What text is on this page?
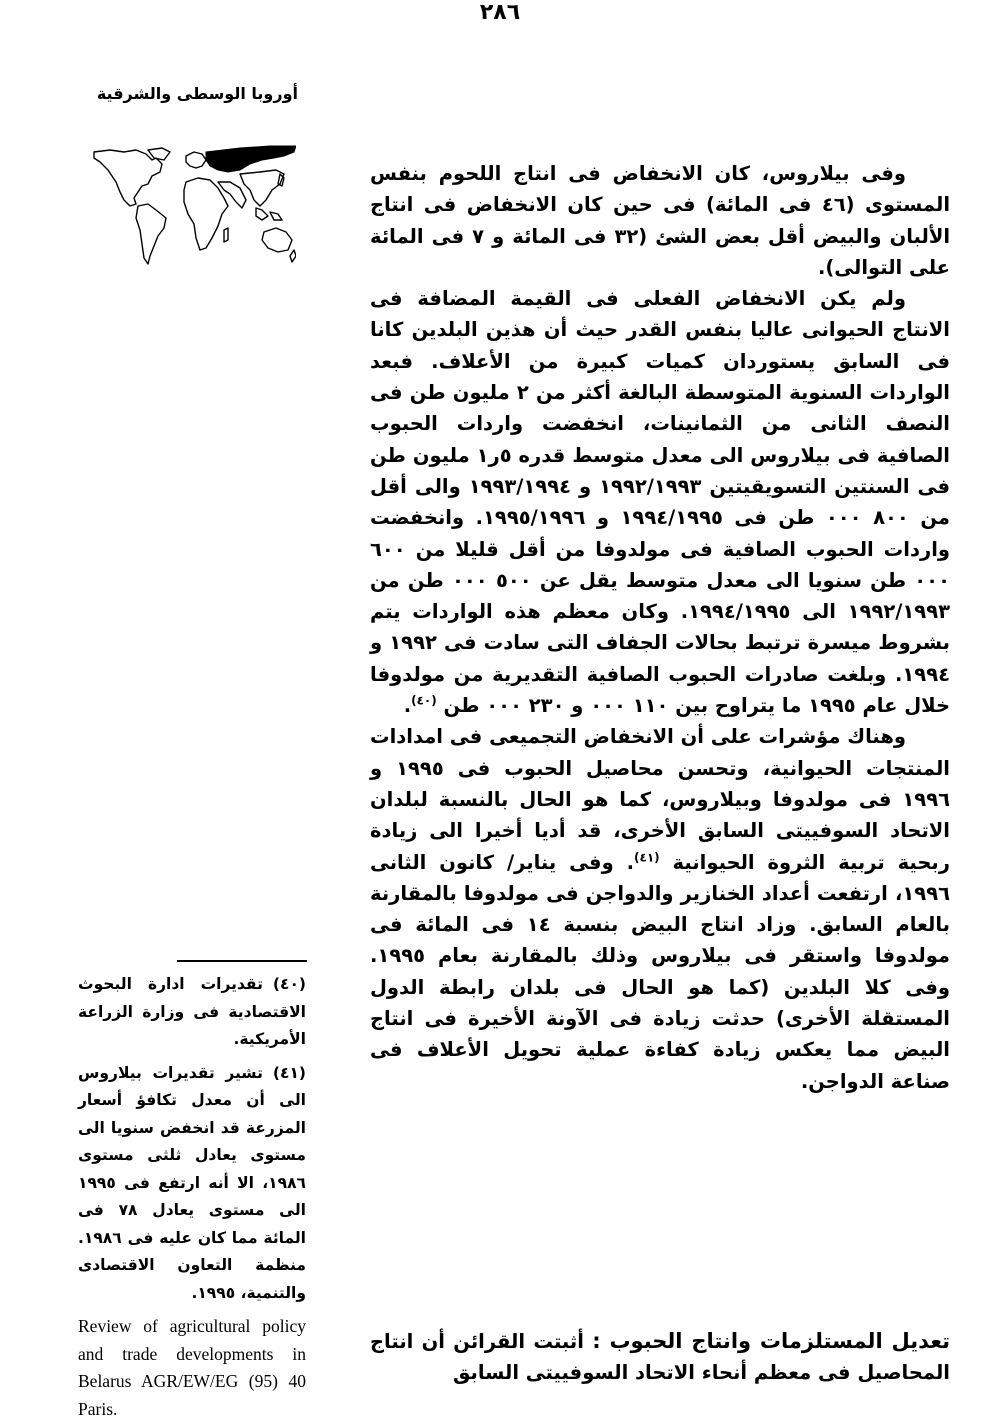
٢٨٦
أوروبا الوسطى والشرقية

وفى بيلاروس، كان الانخفاض فى انتاج اللحوم بنفس المستوى (٤٦ فى المائة) فى حين كان الانخفاض فى انتاج الألبان والبيض أقل بعض الشئ (٣٢ فى المائة و ٧ فى المائة على التوالى).

ولم يكن الانخفاض الفعلى فى القيمة المضافة فى الانتاج الحيوانى عاليا بنفس القدر حيث أن هذين البلدين كانا فى السابق يستوردان كميات كبيرة من الأعلاف. فبعد الواردات السنوية المتوسطة البالغة أكثر من ٢ مليون طن فى النصف الثانى من الثمانينات، انخفضت واردات الحبوب الصافية فى بيلاروس الى معدل متوسط قدره ٥ر١ مليون طن فى السنتين التسويقيتين ١٩٩٢/١٩٩٣ و ١٩٩٣/١٩٩٤ والى أقل من ٨٠٠ ٠٠٠ طن فى ١٩٩٤/١٩٩٥ و ١٩٩٥/١٩٩٦. وانخفضت واردات الحبوب الصافية فى مولدوفا من أقل قليلا من ٦٠٠ ٠٠٠ طن سنويا الى معدل متوسط يقل عن ٥٠٠ ٠٠٠ طن من ١٩٩٢/١٩٩٣ الى ١٩٩٤/١٩٩٥. وكان معظم هذه الواردات يتم بشروط ميسرة ترتبط بحالات الجفاف التى سادت فى ١٩٩٢ و ١٩٩٤. وبلغت صادرات الحبوب الصافية التقديرية من مولدوفا خلال عام ١٩٩٥ ما يتراوح بين ١١٠ ٠٠٠ و ٢٣٠ ٠٠٠ طن $^{(٤٠)}$.

وهناك مؤشرات على أن الانخفاض التجميعى فى امدادات المنتجات الحيوانية، وتحسن محاصيل الحبوب فى ١٩٩٥ و ١٩٩٦ فى مولدوفا وبيلاروس، كما هو الحال بالنسبة لبلدان الاتحاد السوفييتى السابق الأخرى، قد أديا أخيرا الى زيادة ربحية تربية الثروة الحيوانية $^{(٤١)}$. وفى يناير/ كانون الثانى ١٩٩٦، ارتفعت أعداد الخنازير والدواجن فى مولدوفا بالمقارنة بالعام السابق. وزاد انتاج البيض بنسبة ١٤ فى المائة فى مولدوفا واستقر فى بيلاروس وذلك بالمقارنة بعام ١٩٩٥. وفى كلا البلدين (كما هو الحال فى بلدان رابطة الدول المستقلة الأخرى) حدثت زيادة فى الآونة الأخيرة فى انتاج البيض مما يعكس زيادة كفاءة عملية تحويل الأعلاف فى صناعة الدواجن.

تعديل المستلزمات وانتاج الحبوب : أثبتت القرائن أن انتاج المحاصيل فى معظم أنحاء الاتحاد السوفييتى السابق

(٤٠)تقديرات ادارة البحوث الاقتصادية فى وزارة الزراعة الأمريكية.

(٤١)تشير تقديرات بيلاروس الى أن معدل تكافؤ أسعار المزرعة قد انخفض سنويا الى مستوى يعادل ثلثى مستوى ١٩٨٦، الا أنه ارتفع فى ١٩٩٥ الى مستوى يعادل ٧٨ فى المائة مما كان عليه فى ١٩٨٦. منظمة التعاون الاقتصادى والتنمية، ١٩٩٥.

Review of agricultural policy and trade developments in Belarus AGR/EW/EG (95) 40 Paris.
